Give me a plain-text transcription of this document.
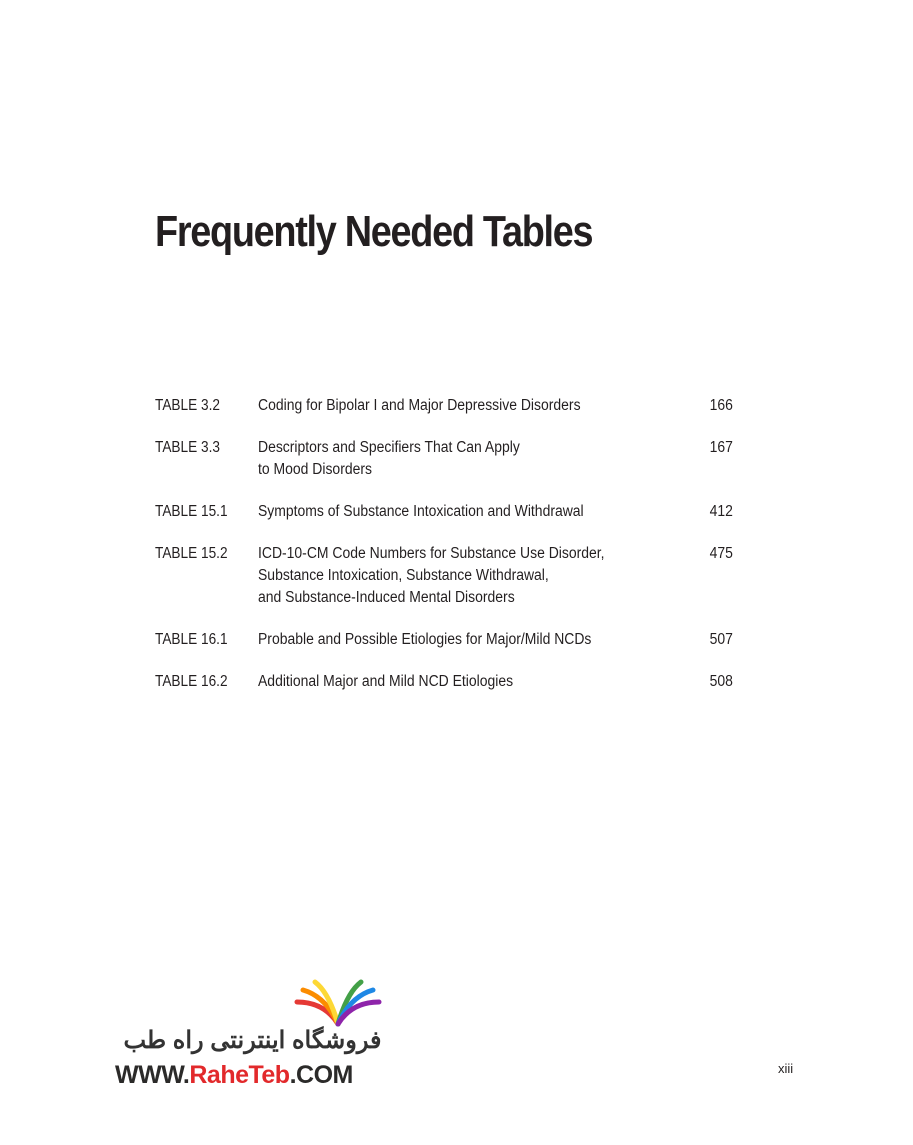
Frequently Needed Tables
TABLE 3.2 Coding for Bipolar I and Major Depressive Disorders	166
TABLE 3.3 Descriptors and Specifiers That Can Apply
to Mood Disorders
167
TABLE 15.1 Symptoms of Substance Intoxication and Withdrawal	412
TABLE 15.2 ICD-10-CM Code Numbers for Substance Use Disorder,
Substance Intoxication, Substance Withdrawal,
and Substance-Induced Mental Disorders
475
TABLE 16.1 Probable and Possible Etiologies for Major/Mild NCDs	507
TABLE 16.2 Additional Major and Mild NCD Etiologies	508
فروشگاه اینترنتی راه طب
WWW.RaheTeb.COM	xiii
